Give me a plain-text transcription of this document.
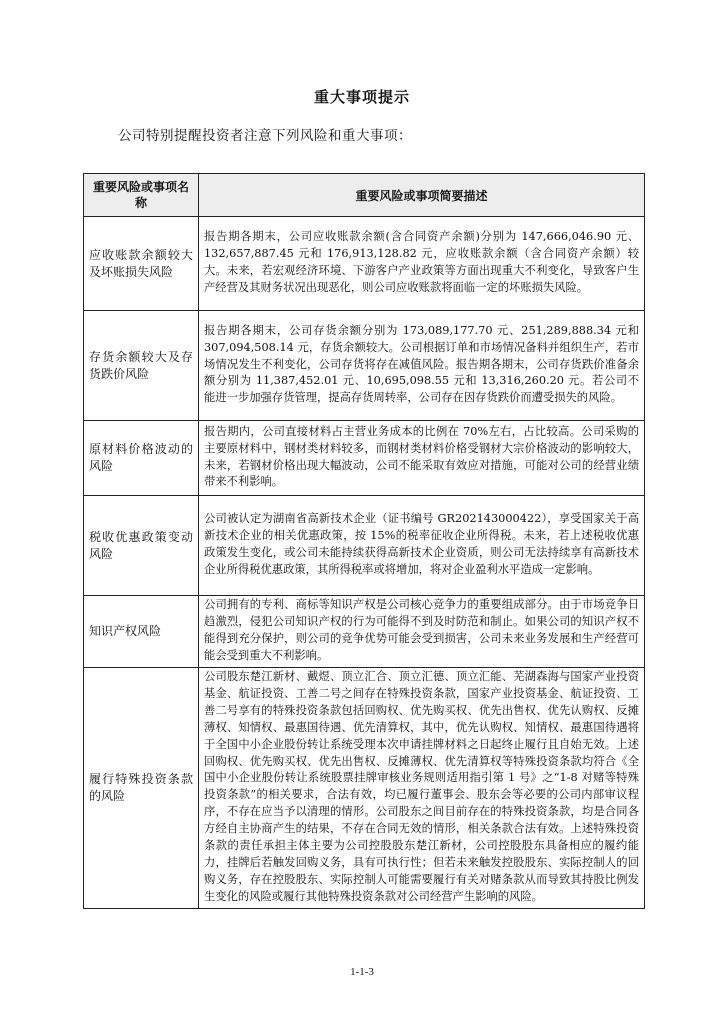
重大事项提示
公司特别提醒投资者注意下列风险和重大事项：
重要风险或事项名称	重要风险或事项简要描述
应收账款余额较大及坏账损失风险	报告期各期末，公司应收账款余额(含合同资产余额)分别为 147,666,046.90 元、132,657,887.45 元和 176,913,128.82 元，应收账款余额（含合同资产余额）较大。未来，若宏观经济环境、下游客户产业政策等方面出现重大不利变化，导致客户生产经营及其财务状况出现恶化，则公司应收账款将面临一定的坏账损失风险。
存货余额较大及存货跌价风险	报告期各期末，公司存货余额分别为 173,089,177.70 元、251,289,888.34 元和 307,094,508.14 元，存货余额较大。公司根据订单和市场情况备料并组织生产，若市场情况发生不利变化，公司存货将存在减值风险。报告期各期末，公司存货跌价准备余额分别为 11,387,452.01 元、10,695,098.55 元和 13,316,260.20 元。若公司不能进一步加强存货管理，提高存货周转率，公司存在因存货跌价而遭受损失的风险。
原材料价格波动的风险	报告期内，公司直接材料占主营业务成本的比例在 70%左右，占比较高。公司采购的主要原材料中，钢材类材料较多，而钢材类材料价格受钢材大宗价格波动的影响较大，未来，若钢材价格出现大幅波动，公司不能采取有效应对措施，可能对公司的经营业绩带来不利影响。
税收优惠政策变动风险	公司被认定为湖南省高新技术企业（证书编号 GR202143000422），享受国家关于高新技术企业的相关优惠政策，按 15%的税率征收企业所得税。未来，若上述税收优惠政策发生变化，或公司未能持续获得高新技术企业资质，则公司无法持续享有高新技术企业所得税优惠政策，其所得税率或将增加，将对企业盈利水平造成一定影响。
知识产权风险	公司拥有的专利、商标等知识产权是公司核心竞争力的重要组成部分。由于市场竞争日趋激烈，侵犯公司知识产权的行为可能得不到及时防范和制止。如果公司的知识产权不能得到充分保护，则公司的竞争优势可能会受到损害，公司未来业务发展和生产经营可能会受到重大不利影响。
履行特殊投资条款的风险	公司股东楚江新材、戴煜、顶立汇合、顶立汇德、顶立汇能、芜湖森海与国家产业投资基金、航证投资、工善二号之间存在特殊投资条款，国家产业投资基金、航证投资、工善二号享有的特殊投资条款包括回购权、优先购买权、优先出售权、优先认购权、反摊薄权、知情权、最惠国待遇、优先清算权，其中，优先认购权、知情权、最惠国待遇将于全国中小企业股份转让系统受理本次申请挂牌材料之日起终止履行且自始无效。上述回购权、优先购买权、优先出售权、反摊薄权、优先清算权等特殊投资条款均符合《全国中小企业股份转让系统股票挂牌审核业务规则适用指引第 1 号》之“1-8 对赌等特殊投资条款”的相关要求，合法有效，均已履行董事会、股东会等必要的公司内部审议程序，不存在应当予以清理的情形。公司股东之间目前存在的特殊投资条款，均是合同各方经自主协商产生的结果，不存在合同无效的情形，相关条款合法有效。上述特殊投资条款的责任承担主体主要为公司控股股东楚江新材，公司控股股东具备相应的履约能力，挂牌后若触发回购义务，具有可执行性；但若未来触发控股股东、实际控制人的回购义务，存在控股股东、实际控制人可能需要履行有关对赌条款从而导致其持股比例发生变化的风险或履行其他特殊投资条款对公司经营产生影响的风险。
1-1-3
